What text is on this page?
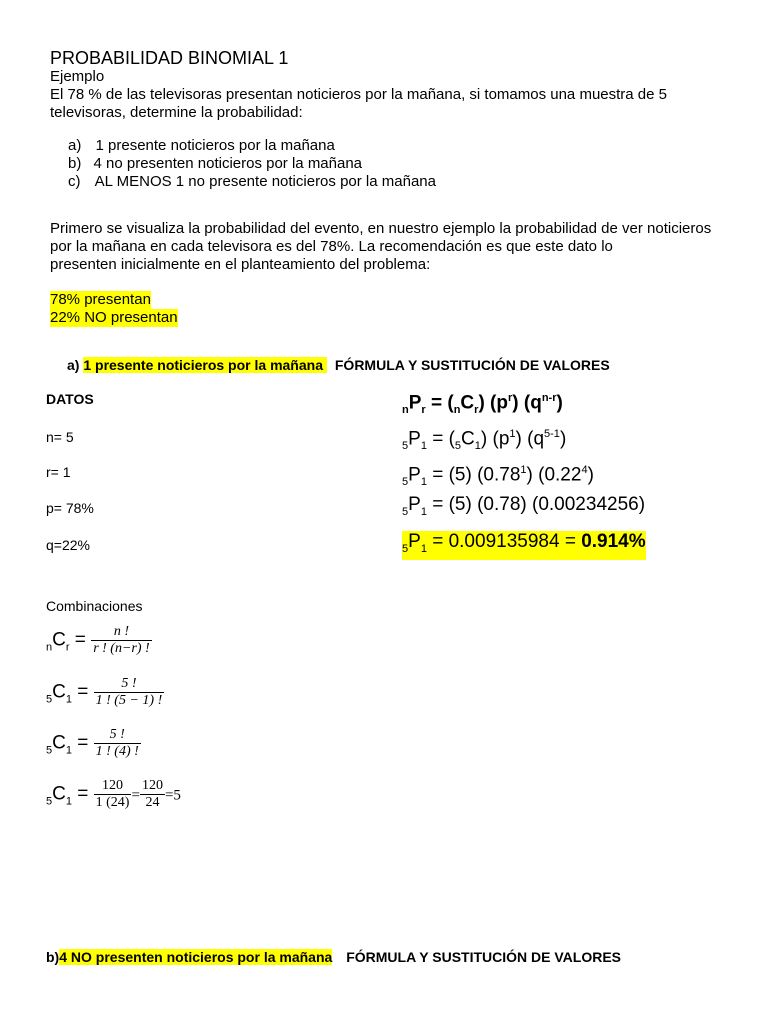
PROBABILIDAD BINOMIAL 1
Ejemplo
El 78 % de las televisoras presentan noticieros por la mañana, si tomamos una muestra de 5
televisoras, determine la probabilidad:
a) 1 presente noticieros por la mañana
b) 4 no presenten noticieros por la mañana
c) AL MENOS 1 no presente noticieros por la mañana
Primero se visualiza la probabilidad del evento, en nuestro ejemplo la probabilidad de ver noticieros
por la mañana en cada televisora es del 78%. La recomendación es que este dato lo
presenten inicialmente en el planteamiento del problema:
78% presentan
22% NO presentan
a) 1 presente noticieros por la mañana FÓRMULA Y SUSTITUCIÓN DE VALORES
DATOS
n= 5
r= 1
p= 78%
q=22%
$_nP_r = (_nC_r)$ $(p^r)$ $(q^{n-r})$
$_5P_1 = (_5C_1)$ $(p^1)$ $(q^{5-1})$
$_5P_1 = (5)$ (0.78$^1$) (0.22$^4$)
$_5P_1 = (5)$ (0.78) (0.00234256)
$_5P_1 = 0.009135984 = 0.914\%$
Combinaciones
$_nC_r = \frac{n !}{r ! (n-r) !}$
$_5C_1 = \frac{5 !}{1 ! (5 - 1) !}$
$_5C_1 = \frac{5 !}{1 ! (4) !}$
$_5C_1 = \frac{120}{1 (24)} = \frac{120}{24} =5$
b)4 NO presenten noticieros por la mañana FÓRMULA Y SUSTITUCIÓN DE VALORES
